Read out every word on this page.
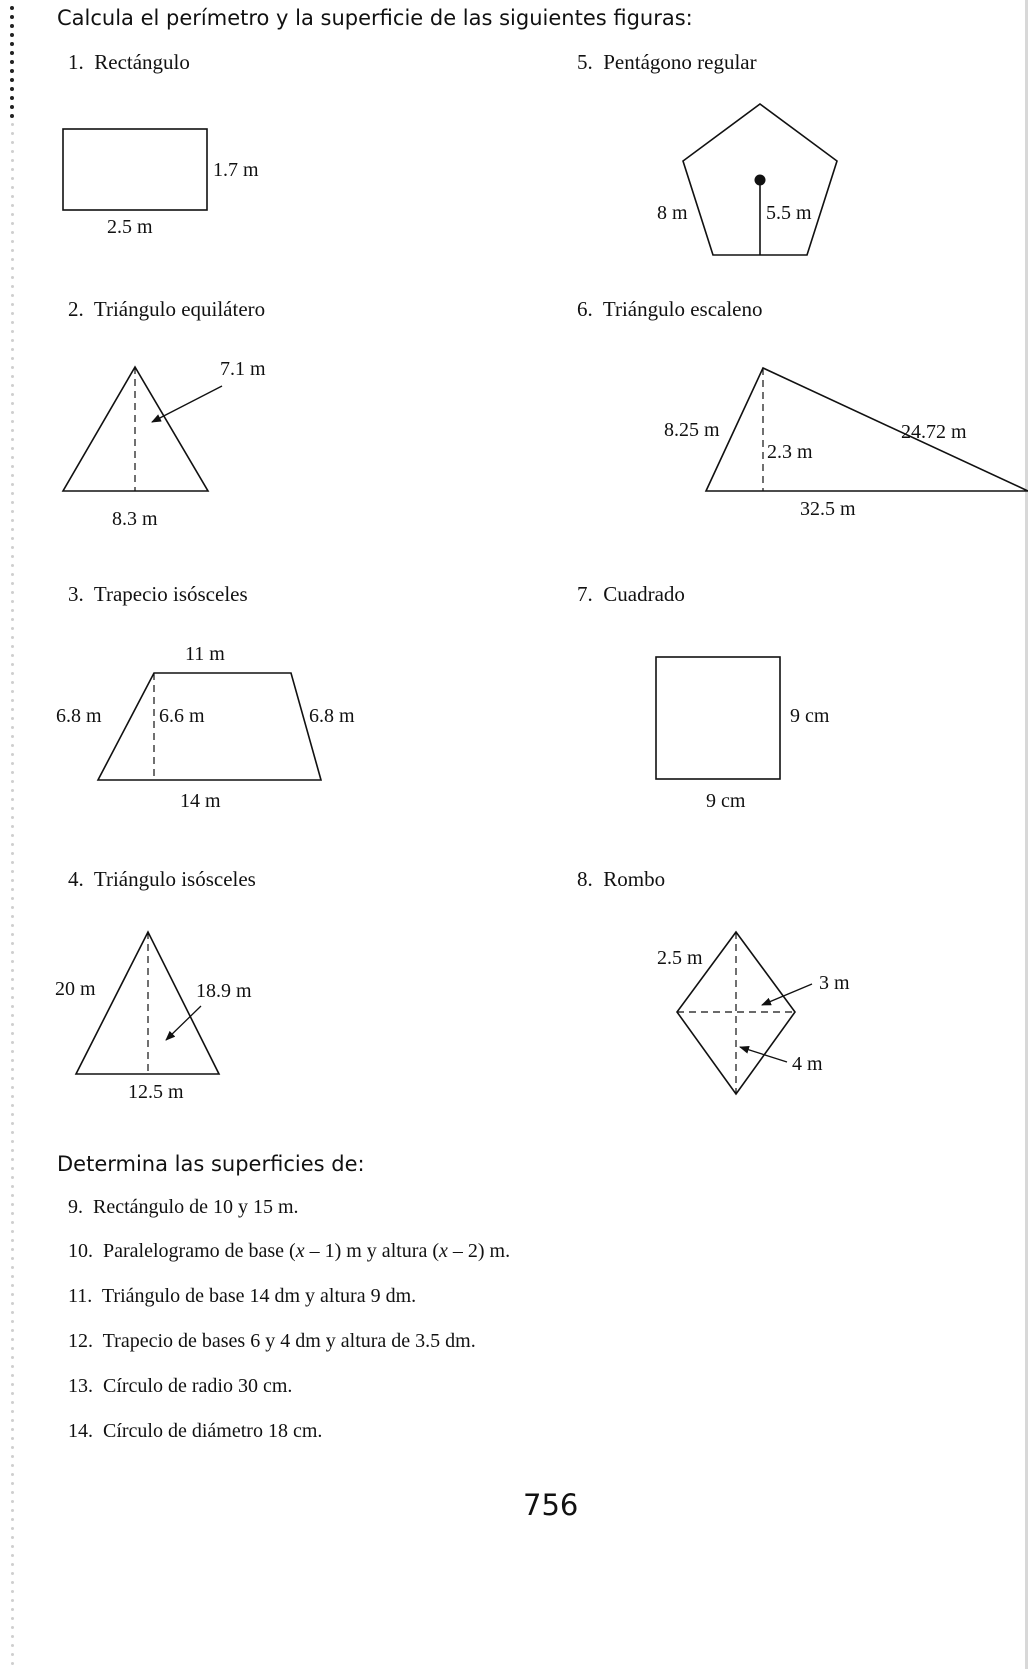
Calcula el perímetro y la superficie de las siguientes figuras:
1. Rectángulo
2. Triángulo equilátero
3. Trapecio isósceles
4. Triángulo isósceles
5. Pentágono regular
6. Triángulo escaleno
7. Cuadrado
8. Rombo
1.7 m
2.5 m
7.1 m
8.3 m
11 m
6.8 m	6.6 m	6.8 m
14 m
20 m	18.9 m
12.5 m
8 m	5.5 m
8.25 m
2.3 m
32.5 m
24.72 m
9 cm
9 cm
2.5 m
3 m
4 m
Determina las superficies de:
9. Rectángulo de 10 y 15 m.
10. Paralelogramo de base (x – 1) m y altura (x – 2) m.
11. Triángulo de base 14 dm y altura 9 dm.
12. Trapecio de bases 6 y 4 dm y altura de 3.5 dm.
13. Círculo de radio 30 cm.
14. Círculo de diámetro 18 cm.
756
